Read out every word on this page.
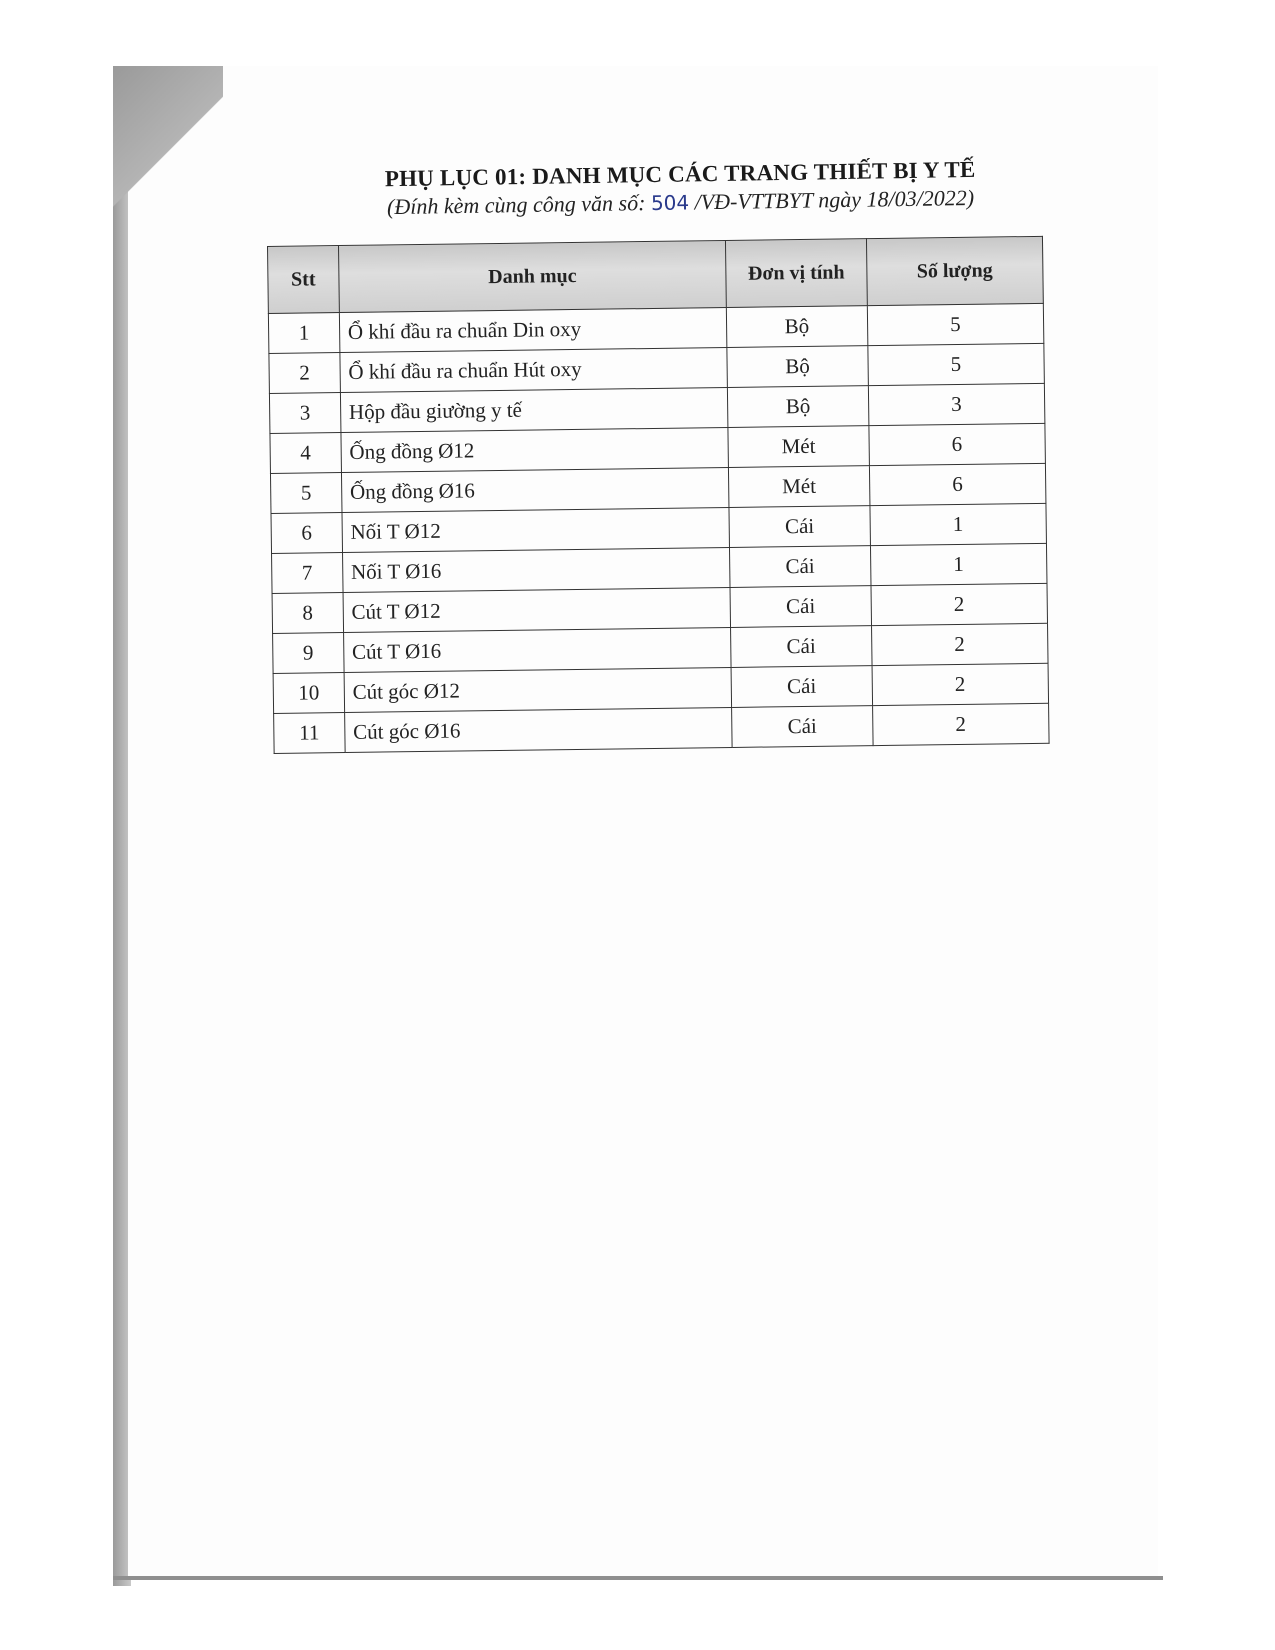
PHỤ LỤC 01: DANH MỤC CÁC TRANG THIẾT BỊ Y TẾ
(Đính kèm cùng công văn số: 504 /VĐ-VTTBYT ngày 18/03/2022)
Stt	Danh mục	Đơn vị tính	Số lượng
1	Ổ khí đầu ra chuẩn Din oxy	Bộ	5
2	Ổ khí đầu ra chuẩn Hút oxy	Bộ	5
3	Hộp đầu giường y tế	Bộ	3
4	Ống đồng Ø12	Mét	6
5	Ống đồng Ø16	Mét	6
6	Nối T Ø12	Cái	1
7	Nối T Ø16	Cái	1
8	Cút T Ø12	Cái	2
9	Cút T Ø16	Cái	2
10	Cút góc Ø12	Cái	2
11	Cút góc Ø16	Cái	2
